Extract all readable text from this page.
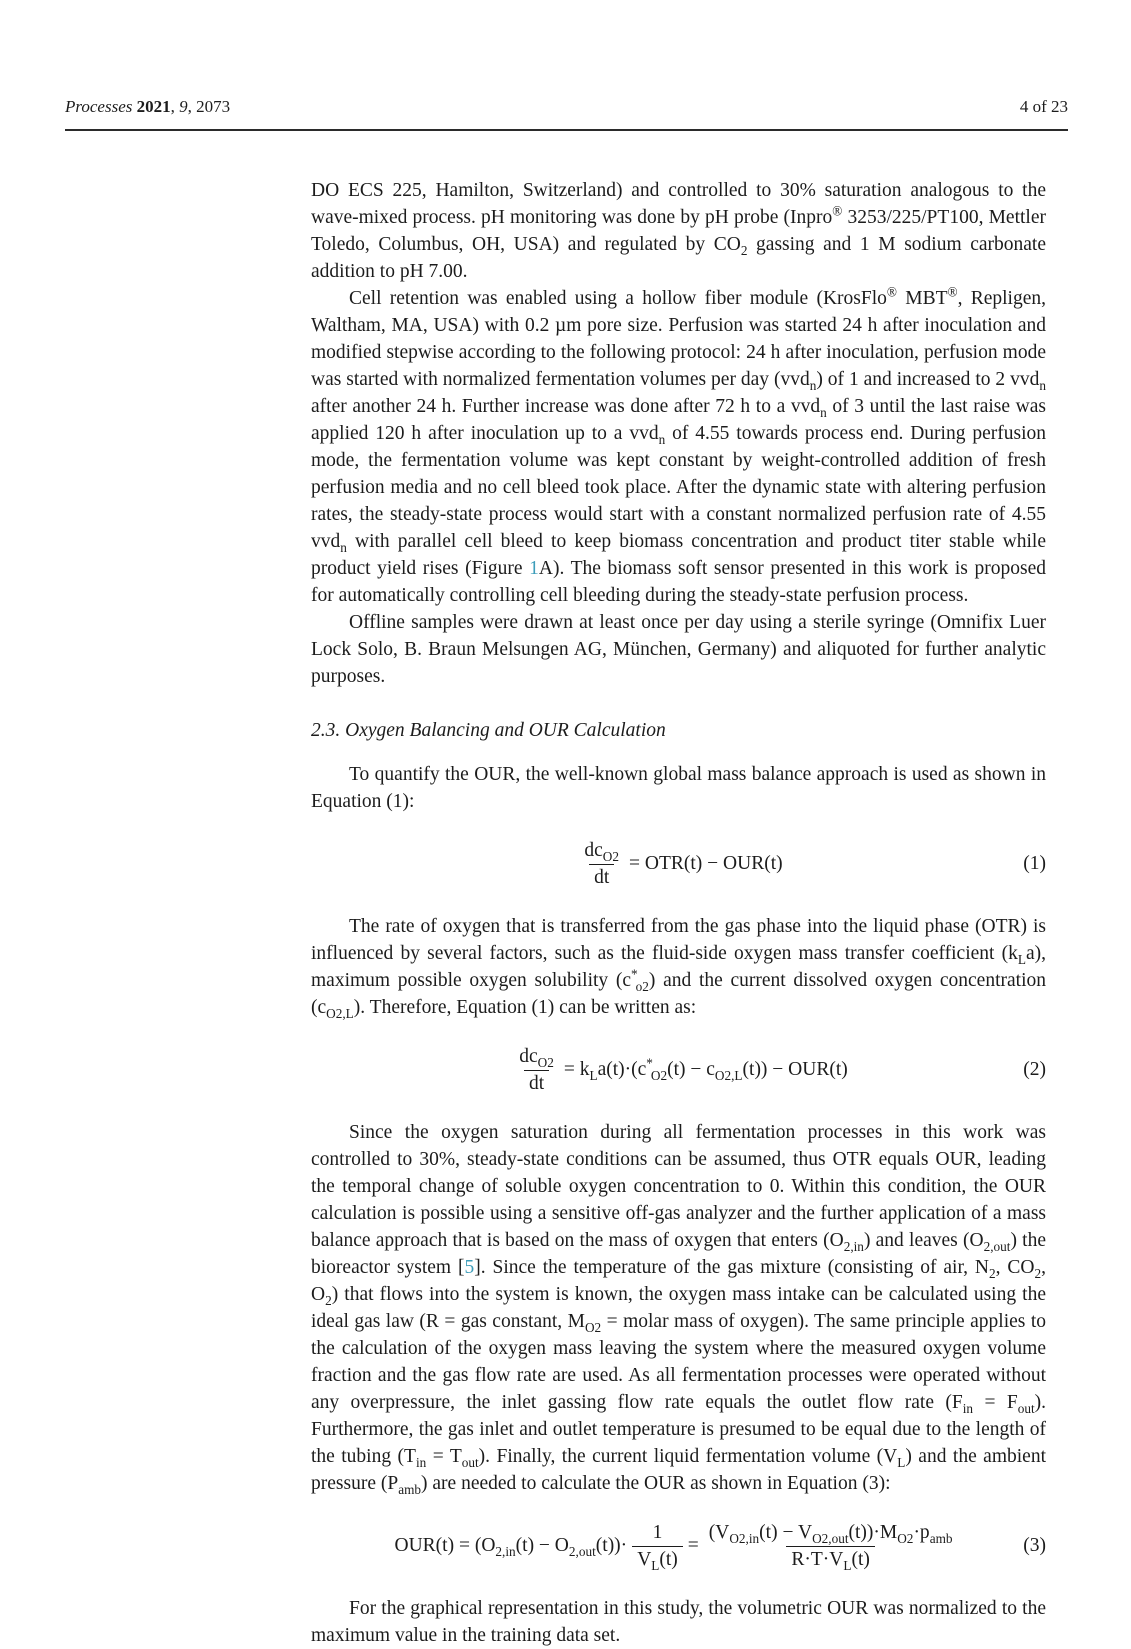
Processes 2021, 9, 2073	4 of 23

DO ECS 225, Hamilton, Switzerland) and controlled to 30% saturation analogous to the wave-mixed process. pH monitoring was done by pH probe (Inpro® 3253/225/PT100, Mettler Toledo, Columbus, OH, USA) and regulated by $CO_2$ gassing and 1 M sodium carbonate addition to pH 7.00.

Cell retention was enabled using a hollow fiber module (KrosFlo® MBT®, Repligen, Waltham, MA, USA) with 0.2 µm pore size. Perfusion was started 24 h after inoculation and modified stepwise according to the following protocol: 24 h after inoculation, perfusion mode was started with normalized fermentation volumes per day (vvd$_n$) of 1 and increased to 2 vvd$_n$ after another 24 h. Further increase was done after 72 h to a vvd$_n$ of 3 until the last raise was applied 120 h after inoculation up to a vvd$_n$ of 4.55 towards process end. During perfusion mode, the fermentation volume was kept constant by weight-controlled addition of fresh perfusion media and no cell bleed took place. After the dynamic state with altering perfusion rates, the steady-state process would start with a constant normalized perfusion rate of 4.55 vvd$_n$ with parallel cell bleed to keep biomass concentration and product titer stable while product yield rises (Figure 1A). The biomass soft sensor presented in this work is proposed for automatically controlling cell bleeding during the steady-state perfusion process.

Offline samples were drawn at least once per day using a sterile syringe (Omnifix Luer Lock Solo, B. Braun Melsungen AG, München, Germany) and aliquoted for further analytic purposes.

2.3. Oxygen Balancing and OUR Calculation

To quantify the OUR, the well-known global mass balance approach is used as shown in Equation (1):

$\frac{dc_{O2}}{dt} = OTR(t) - OUR(t)$	(1)

The rate of oxygen that is transferred from the gas phase into the liquid phase (OTR) is influenced by several factors, such as the fluid-side oxygen mass transfer coefficient $(k_La)$, maximum possible oxygen solubility $(c^*_{o2})$ and the current dissolved oxygen concentration $(c_{O2,L})$. Therefore, Equation (1) can be written as:

$\frac{dc_{O2}}{dt} = k_La(t)\cdot(c^*_{O2}(t) - c_{O2,L}(t)) - OUR(t)$	(2)

Since the oxygen saturation during all fermentation processes in this work was controlled to 30%, steady-state conditions can be assumed, thus OTR equals OUR, leading the temporal change of soluble oxygen concentration to 0. Within this condition, the OUR calculation is possible using a sensitive off-gas analyzer and the further application of a mass balance approach that is based on the mass of oxygen that enters $(O_{2,in})$ and leaves $(O_{2,out})$ the bioreactor system [5]. Since the temperature of the gas mixture (consisting of air, $N_2$, $CO_2$, $O_2$) that flows into the system is known, the oxygen mass intake can be calculated using the ideal gas law (R = gas constant, $M_{O2}$ = molar mass of oxygen). The same principle applies to the calculation of the oxygen mass leaving the system where the measured oxygen volume fraction and the gas flow rate are used. As all fermentation processes were operated without any overpressure, the inlet gassing flow rate equals the outlet flow rate $(F_{in} = F_{out})$. Furthermore, the gas inlet and outlet temperature is presumed to be equal due to the length of the tubing $(T_{in} = T_{out})$. Finally, the current liquid fermentation volume $(V_L)$ and the ambient pressure $(P_{amb})$ are needed to calculate the OUR as shown in Equation (3):

$OUR(t) = (O_{2,in}(t) - O_{2,out}(t))\cdot \frac{1}{V_L(t)} = \frac{(V_{O2,in}(t) - V_{O2,out}(t))\cdot M_{O2}\cdot p_{amb}}{R\cdot T\cdot V_L(t)}$	(3)

For the graphical representation in this study, the volumetric OUR was normalized to the maximum value in the training data set.
